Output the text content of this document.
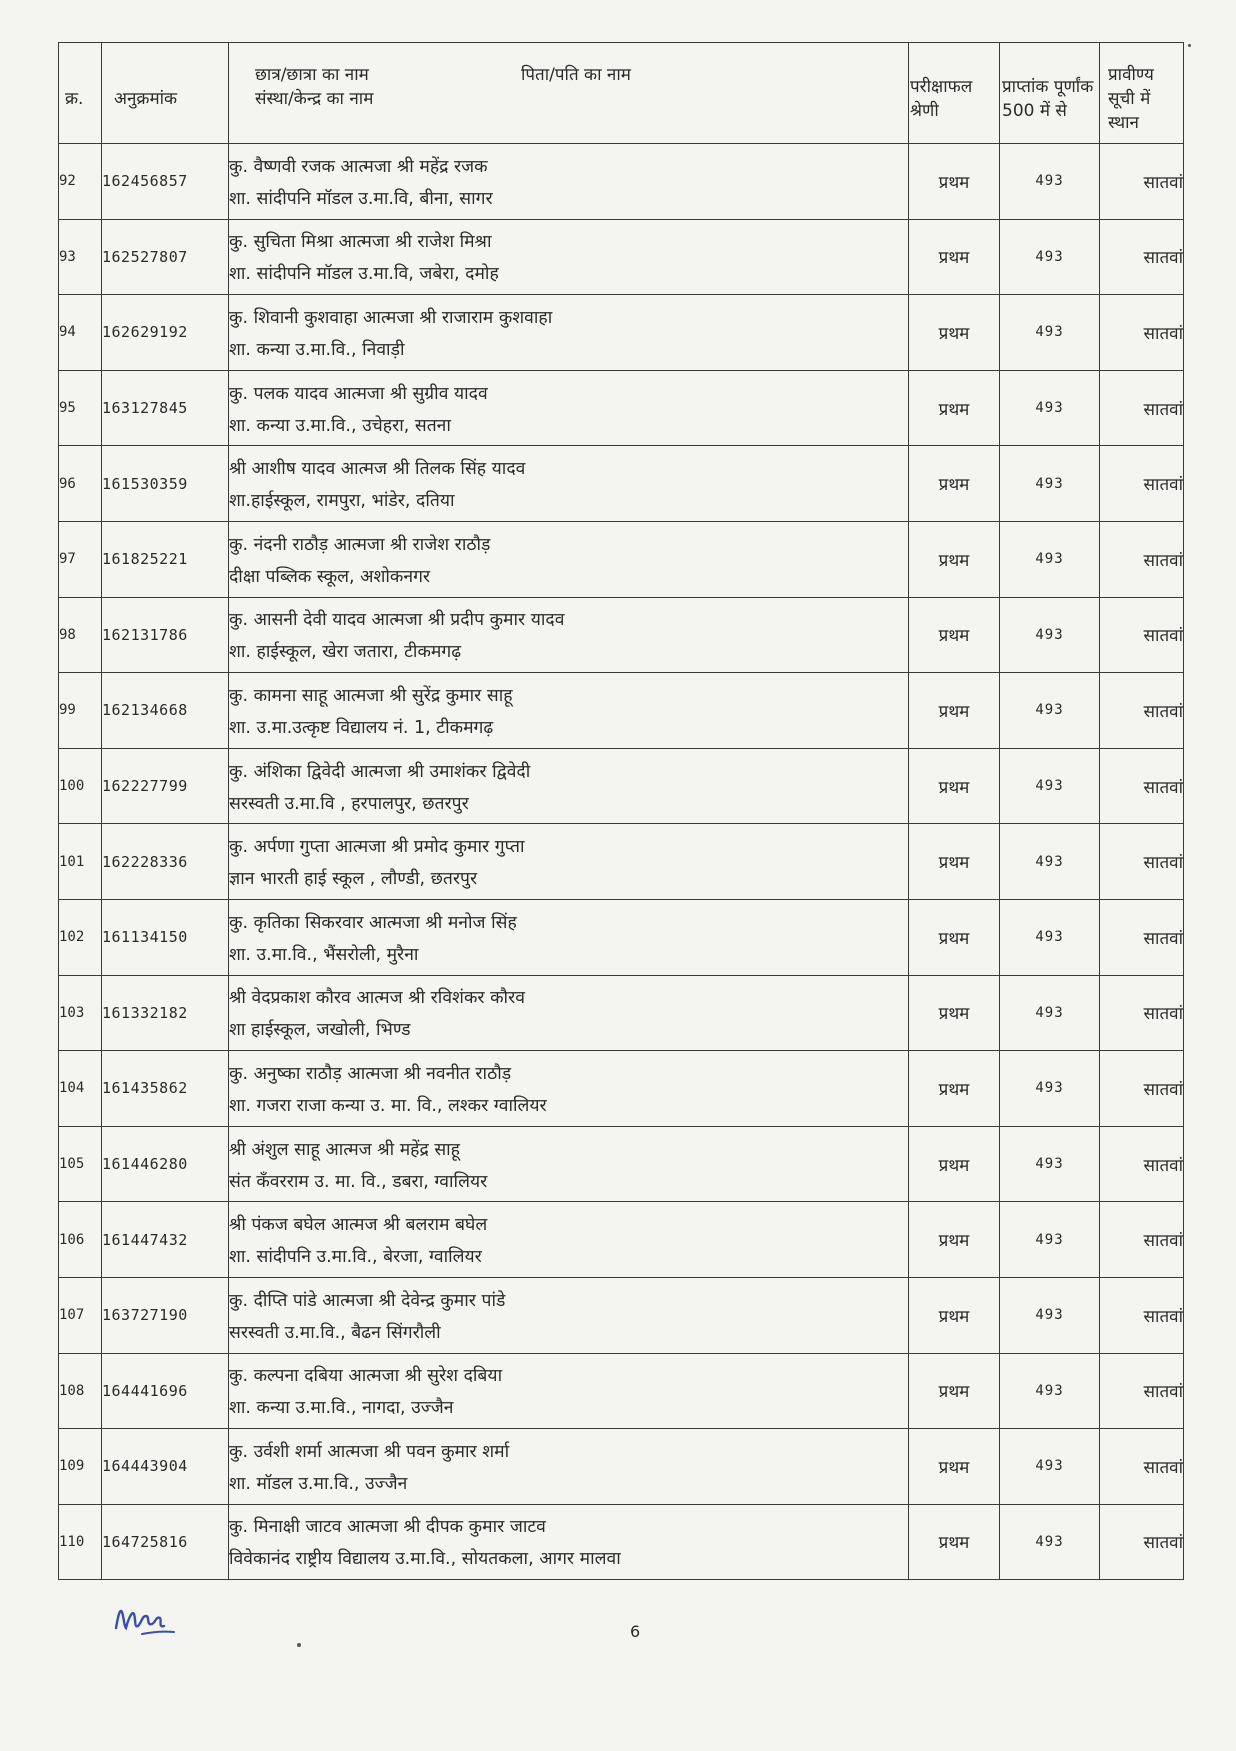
क्र.	अनुक्रमांक	छात्र/छात्रा का नाम पिता/पति का नाम
संस्था/केन्द्र का नाम	परीक्षाफल श्रेणी	प्राप्तांक पूर्णांक 500 में से	प्रावीण्य सूची में स्थान

92	162456857	कु. वैष्णवी रजक आत्मजा श्री महेंद्र रजक
शा. सांदीपनि मॉडल उ.मा.वि, बीना, सागर	प्रथम	493	सातवां
93	162527807	कु. सुचिता मिश्रा आत्मजा श्री राजेश मिश्रा
शा. सांदीपनि मॉडल उ.मा.वि, जबेरा, दमोह	प्रथम	493	सातवां
94	162629192	कु. शिवानी कुशवाहा आत्मजा श्री राजाराम कुशवाहा
शा. कन्या उ.मा.वि., निवाड़ी	प्रथम	493	सातवां
95	163127845	कु. पलक यादव आत्मजा श्री सुग्रीव यादव
शा. कन्या उ.मा.वि., उचेहरा, सतना	प्रथम	493	सातवां
96	161530359	श्री आशीष यादव आत्मज श्री तिलक सिंह यादव
शा.हाईस्कूल, रामपुरा, भांडेर, दतिया	प्रथम	493	सातवां
97	161825221	कु. नंदनी राठौड़ आत्मजा श्री राजेश राठौड़
दीक्षा पब्लिक स्कूल, अशोकनगर	प्रथम	493	सातवां
98	162131786	कु. आसनी देवी यादव आत्मजा श्री प्रदीप कुमार यादव
शा. हाईस्कूल, खेरा जतारा, टीकमगढ़	प्रथम	493	सातवां
99	162134668	कु. कामना साहू आत्मजा श्री सुरेंद्र कुमार साहू
शा. उ.मा.उत्कृष्ट विद्यालय नं. 1, टीकमगढ़	प्रथम	493	सातवां
100	162227799	कु. अंशिका द्विवेदी आत्मजा श्री उमाशंकर द्विवेदी
सरस्वती उ.मा.वि , हरपालपुर, छतरपुर	प्रथम	493	सातवां
101	162228336	कु. अर्पणा गुप्ता आत्मजा श्री प्रमोद कुमार गुप्ता
ज्ञान भारती हाई स्कूल , लौण्डी, छतरपुर	प्रथम	493	सातवां
102	161134150	कु. कृतिका सिकरवार आत्मजा श्री मनोज सिंह
शा. उ.मा.वि., भैंसरोली, मुरैना	प्रथम	493	सातवां
103	161332182	श्री वेदप्रकाश कौरव आत्मज श्री रविशंकर कौरव
शा हाईस्कूल, जखोली, भिण्ड	प्रथम	493	सातवां
104	161435862	कु. अनुष्का राठौड़ आत्मजा श्री नवनीत राठौड़
शा. गजरा राजा कन्या उ. मा. वि., लश्कर ग्वालियर	प्रथम	493	सातवां
105	161446280	श्री अंशुल साहू आत्मज श्री महेंद्र साहू
संत कँवरराम उ. मा. वि., डबरा, ग्वालियर	प्रथम	493	सातवां
106	161447432	श्री पंकज बघेल आत्मज श्री बलराम बघेल
शा. सांदीपनि उ.मा.वि., बेरजा, ग्वालियर	प्रथम	493	सातवां
107	163727190	कु. दीप्ति पांडे आत्मजा श्री देवेन्द्र कुमार पांडे
सरस्वती उ.मा.वि., बैढन सिंगरौली	प्रथम	493	सातवां
108	164441696	कु. कल्पना दबिया आत्मजा श्री सुरेश दबिया
शा. कन्या उ.मा.वि., नागदा, उज्जैन	प्रथम	493	सातवां
109	164443904	कु. उर्वशी शर्मा आत्मजा श्री पवन कुमार शर्मा
शा. मॉडल उ.मा.वि., उज्जैन	प्रथम	493	सातवां
110	164725816	कु. मिनाक्षी जाटव आत्मजा श्री दीपक कुमार जाटव
विवेकानंद राष्ट्रीय विद्यालय उ.मा.वि., सोयतकला, आगर मालवा	प्रथम	493	सातवां
6
